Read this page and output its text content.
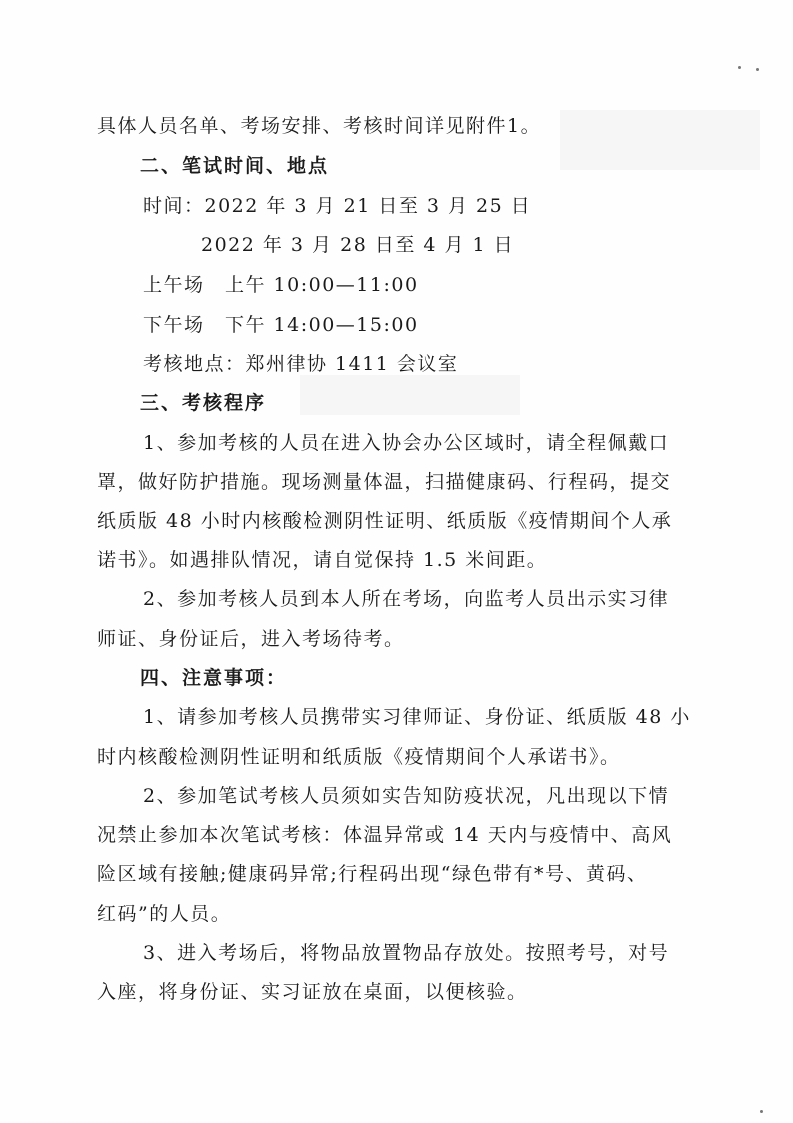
具体人员名单、考场安排、考核时间详见附件1。
二、笔试时间、地点
时间：2022 年 3 月 21 日至 3 月 25 日
2022 年 3 月 28 日至 4 月 1 日
上午场　上午 10:00—11:00
下午场　下午 14:00—15:00
考核地点：郑州律协 1411 会议室
三、考核程序
1、参加考核的人员在进入协会办公区域时，请全程佩戴口
罩，做好防护措施。现场测量体温，扫描健康码、行程码，提交
纸质版 48 小时内核酸检测阴性证明、纸质版《疫情期间个人承
诺书》。如遇排队情况，请自觉保持 1.5 米间距。
2、参加考核人员到本人所在考场，向监考人员出示实习律
师证、身份证后，进入考场待考。
四、注意事项：
1、请参加考核人员携带实习律师证、身份证、纸质版 48 小
时内核酸检测阴性证明和纸质版《疫情期间个人承诺书》。
2、参加笔试考核人员须如实告知防疫状况，凡出现以下情
况禁止参加本次笔试考核：体温异常或 14 天内与疫情中、高风
险区域有接触;健康码异常;行程码出现“绿色带有*号、黄码、
红码”的人员。
3、进入考场后，将物品放置物品存放处。按照考号，对号
入座，将身份证、实习证放在桌面，以便核验。
